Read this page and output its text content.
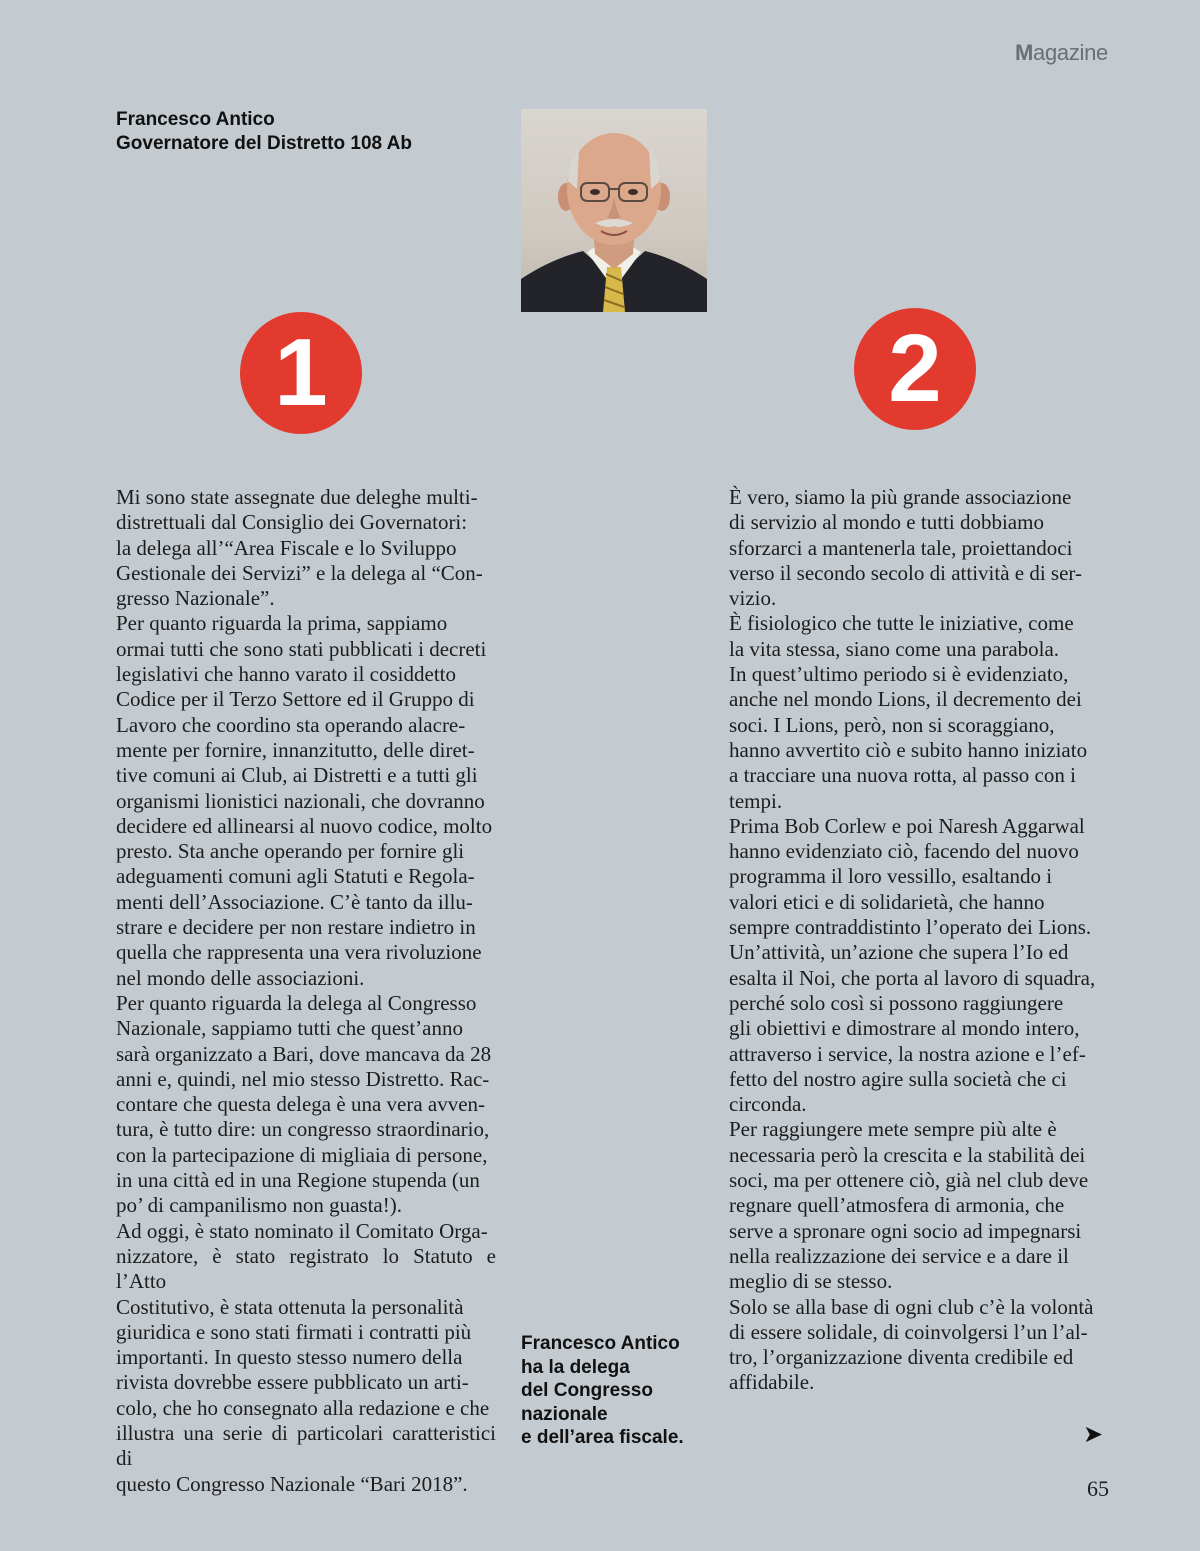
Magazine
Francesco Antico
Governatore del Distretto 108 Ab
1	2

Mi sono state assegnate due deleghe multi-
distrettuali dal Consiglio dei Governatori:
la delega all’“Area Fiscale e lo Sviluppo
Gestionale dei Servizi” e la delega al “Con-
gresso Nazionale”.

Per quanto riguarda la prima, sappiamo
ormai tutti che sono stati pubblicati i decreti
legislativi che hanno varato il cosiddetto
Codice per il Terzo Settore ed il Gruppo di
Lavoro che coordino sta operando alacre-
mente per fornire, innanzitutto, delle diret-
tive comuni ai Club, ai Distretti e a tutti gli
organismi lionistici nazionali, che dovranno
decidere ed allinearsi al nuovo codice, molto
presto. Sta anche operando per fornire gli
adeguamenti comuni agli Statuti e Regola-
menti dell’Associazione. C’è tanto da illu-
strare e decidere per non restare indietro in
quella che rappresenta una vera rivoluzione
nel mondo delle associazioni.

Per quanto riguarda la delega al Congresso
Nazionale, sappiamo tutti che quest’anno
sarà organizzato a Bari, dove mancava da 28
anni e, quindi, nel mio stesso Distretto. Rac-
contare che questa delega è una vera avven-
tura, è tutto dire: un congresso straordinario,
con la partecipazione di migliaia di persone,
in una città ed in una Regione stupenda (un
po’ di campanilismo non guasta!).

Ad oggi, è stato nominato il Comitato Orga-
nizzatore, è stato registrato lo Statuto e l’Atto
Costitutivo, è stata ottenuta la personalità
giuridica e sono stati firmati i contratti più
importanti. In questo stesso numero della
rivista dovrebbe essere pubblicato un arti-
colo, che ho consegnato alla redazione e che
illustra una serie di particolari caratteristici di
questo Congresso Nazionale “Bari 2018”.

È vero, siamo la più grande associazione
di servizio al mondo e tutti dobbiamo
sforzarci a mantenerla tale, proiettandoci
verso il secondo secolo di attività e di ser-
vizio.

È fisiologico che tutte le iniziative, come
la vita stessa, siano come una parabola.
In quest’ultimo periodo si è evidenziato,
anche nel mondo Lions, il decremento dei
soci. I Lions, però, non si scoraggiano,
hanno avvertito ciò e subito hanno iniziato
a tracciare una nuova rotta, al passo con i
tempi.

Prima Bob Corlew e poi Naresh Aggarwal
hanno evidenziato ciò, facendo del nuovo
programma il loro vessillo, esaltando i
valori etici e di solidarietà, che hanno
sempre contraddistinto l’operato dei Lions.
Un’attività, un’azione che supera l’Io ed
esalta il Noi, che porta al lavoro di squadra,
perché solo così si possono raggiungere
gli obiettivi e dimostrare al mondo intero,
attraverso i service, la nostra azione e l’ef-
fetto del nostro agire sulla società che ci
circonda.

Per raggiungere mete sempre più alte è
necessaria però la crescita e la stabilità dei
soci, ma per ottenere ciò, già nel club deve
regnare quell’atmosfera di armonia, che
serve a spronare ogni socio ad impegnarsi
nella realizzazione dei service e a dare il
meglio di se stesso.

Solo se alla base di ogni club c’è la volontà
di essere solidale, di coinvolgersi l’un l’al-
tro, l’organizzazione diventa credibile ed
affidabile.

Francesco Antico
ha la delega
del Congresso
nazionale
e dell’area fiscale.	➤
65
